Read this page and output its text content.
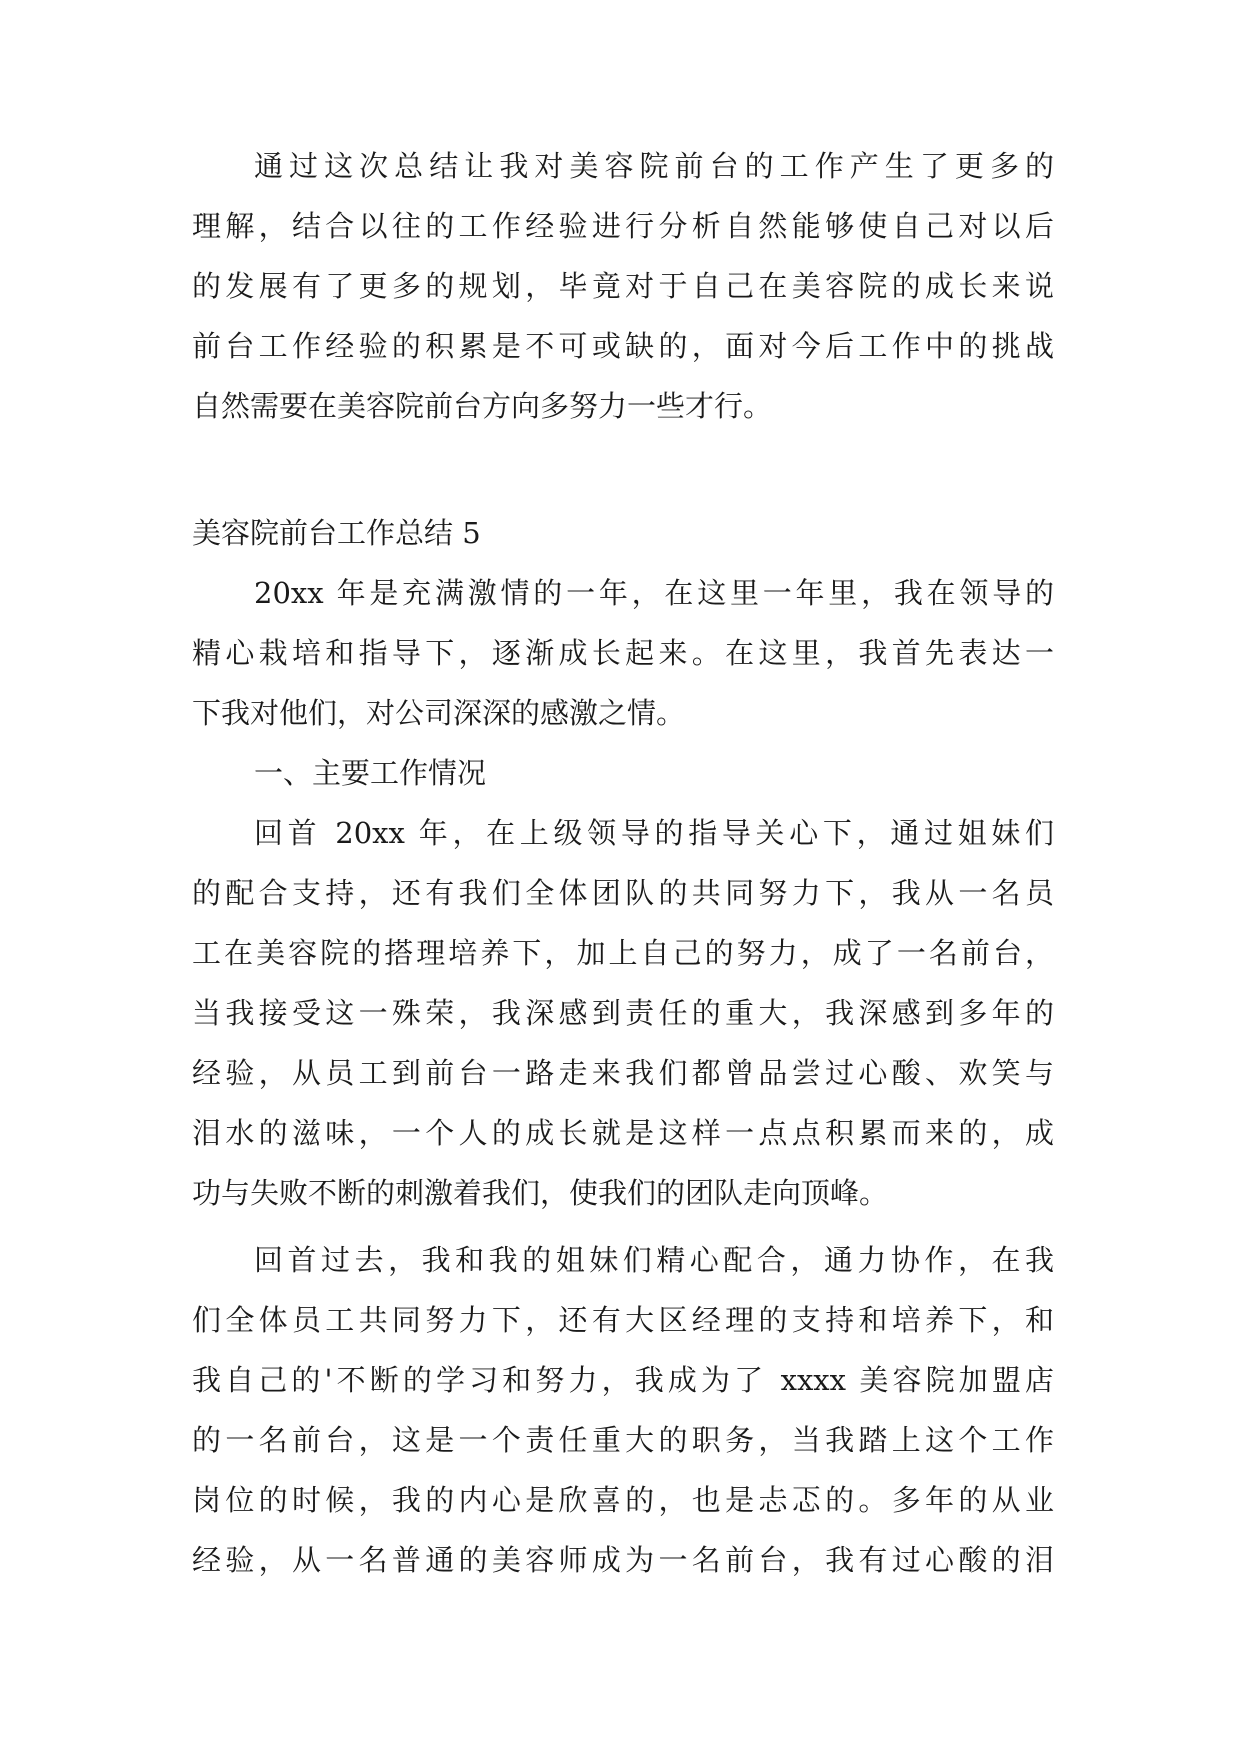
通过这次总结让我对美容院前台的工作产生了更多的
理解，结合以往的工作经验进行分析自然能够使自己对以后
的发展有了更多的规划，毕竟对于自己在美容院的成长来说
前台工作经验的积累是不可或缺的，面对今后工作中的挑战
自然需要在美容院前台方向多努力一些才行。
美容院前台工作总结 5
20xx 年是充满激情的一年，在这里一年里，我在领导的
精心栽培和指导下，逐渐成长起来。在这里，我首先表达一
下我对他们，对公司深深的感激之情。
一、主要工作情况
回首 20xx 年，在上级领导的指导关心下，通过姐妹们
的配合支持，还有我们全体团队的共同努力下，我从一名员
工在美容院的搭理培养下，加上自己的努力，成了一名前台，
当我接受这一殊荣，我深感到责任的重大，我深感到多年的
经验，从员工到前台一路走来我们都曾品尝过心酸、欢笑与
泪水的滋味，一个人的成长就是这样一点点积累而来的，成
功与失败不断的刺激着我们，使我们的团队走向顶峰。
回首过去，我和我的姐妹们精心配合，通力协作，在我
们全体员工共同努力下，还有大区经理的支持和培养下，和
我自己的'不断的学习和努力，我成为了 xxxx 美容院加盟店
的一名前台，这是一个责任重大的职务，当我踏上这个工作
岗位的时候，我的内心是欣喜的，也是忐忑的。多年的从业
经验，从一名普通的美容师成为一名前台，我有过心酸的泪
